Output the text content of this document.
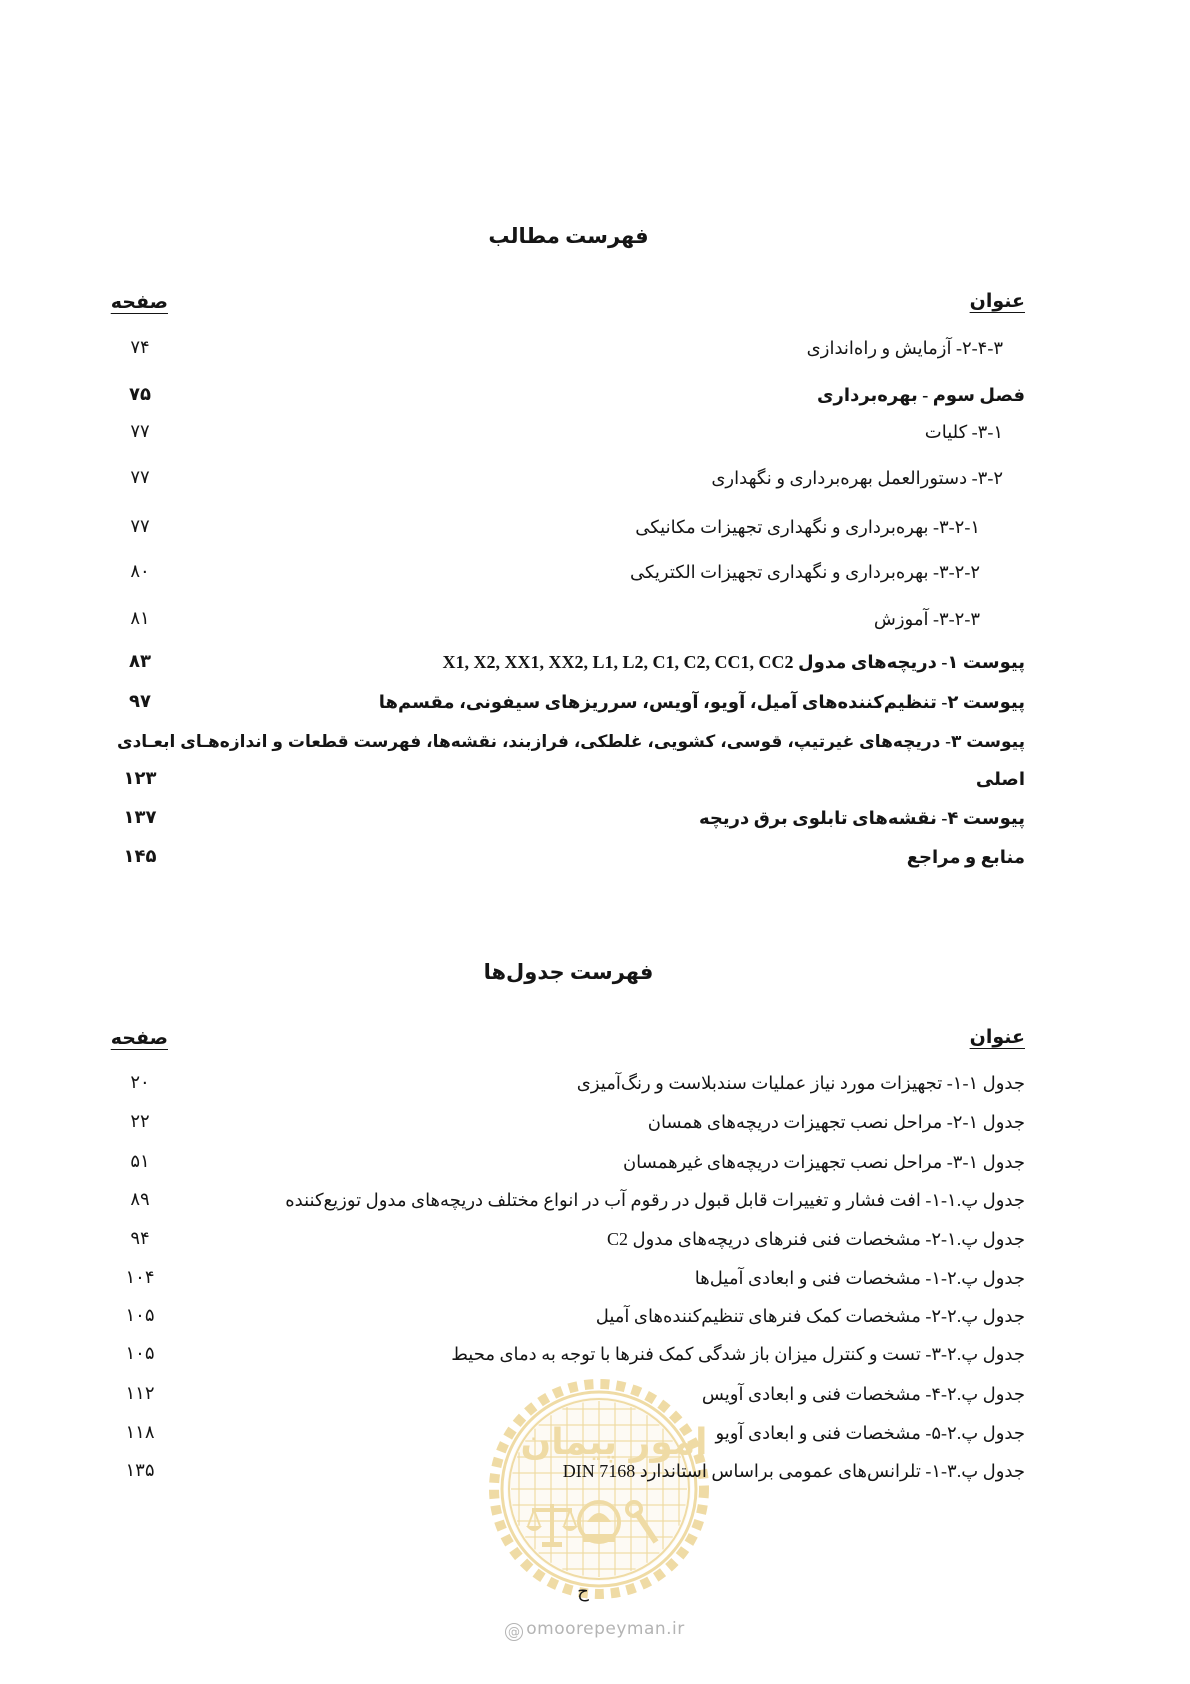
امور پیمان
فهرست مطالب
عنوان
صفحه
۲-۴-۳- آزمایش و راه‌اندازی
۷۴
فصل سوم - بهره‌برداری
۷۵
۳-۱- کلیات
۷۷
۳-۲- دستورالعمل بهره‌برداری و نگهداری
۷۷
۳-۲-۱- بهره‌برداری و نگهداری تجهیزات مکانیکی
۷۷
۳-۲-۲- بهره‌برداری و نگهداری تجهیزات الکتریکی
۸۰
۳-۲-۳- آموزش
۸۱
پیوست ۱- دریچه‌های مدول X1, X2, XX1, XX2, L1, L2, C1, C2, CC1, CC2
۸۳
پیوست ۲- تنظیم‌کننده‌های آمیل، آویو، آویس، سرریزهای سیفونی، مقسم‌ها
۹۷
پیوست ۳- دریچه‌های غیرتیپ، قوسی، کشویی، غلطکی، فرازبند، نقشه‌ها، فهرست قطعات و اندازه‌هـای ابعـادی
اصلی
۱۲۳
پیوست ۴- نقشه‌های تابلوی برق دریچه
۱۳۷
منابع و مراجع
۱۴۵
فهرست جدول‌ها
عنوان
صفحه
جدول ۱-۱- تجهیزات مورد نیاز عملیات سندبلاست و رنگ‌آمیزی
۲۰
جدول ۱-۲- مراحل نصب تجهیزات دریچه‌های همسان
۲۲
جدول ۱-۳- مراحل نصب تجهیزات دریچه‌های غیرهمسان
۵۱
جدول پ.۱-۱- افت فشار و تغییرات قابل قبول در رقوم آب در انواع مختلف دریچه‌های مدول توزیع‌کننده
۸۹
جدول پ.۱-۲- مشخصات فنی فنرهای دریچه‌های مدول C2
۹۴
جدول پ.۲-۱- مشخصات فنی و ابعادی آمیل‌ها
۱۰۴
جدول پ.۲-۲- مشخصات کمک فنرهای تنظیم‌کننده‌های آمیل
۱۰۵
جدول پ.۲-۳- تست و کنترل میزان باز شدگی کمک فنرها با توجه به دمای محیط
۱۰۵
جدول پ.۲-۴- مشخصات فنی و ابعادی آویس
۱۱۲
جدول پ.۲-۵- مشخصات فنی و ابعادی آویو
۱۱۸
جدول پ.۳-۱- تلرانس‌های عمومی براساس استاندارد DIN 7168
۱۳۵
ح
@omoorepeyman.ir
